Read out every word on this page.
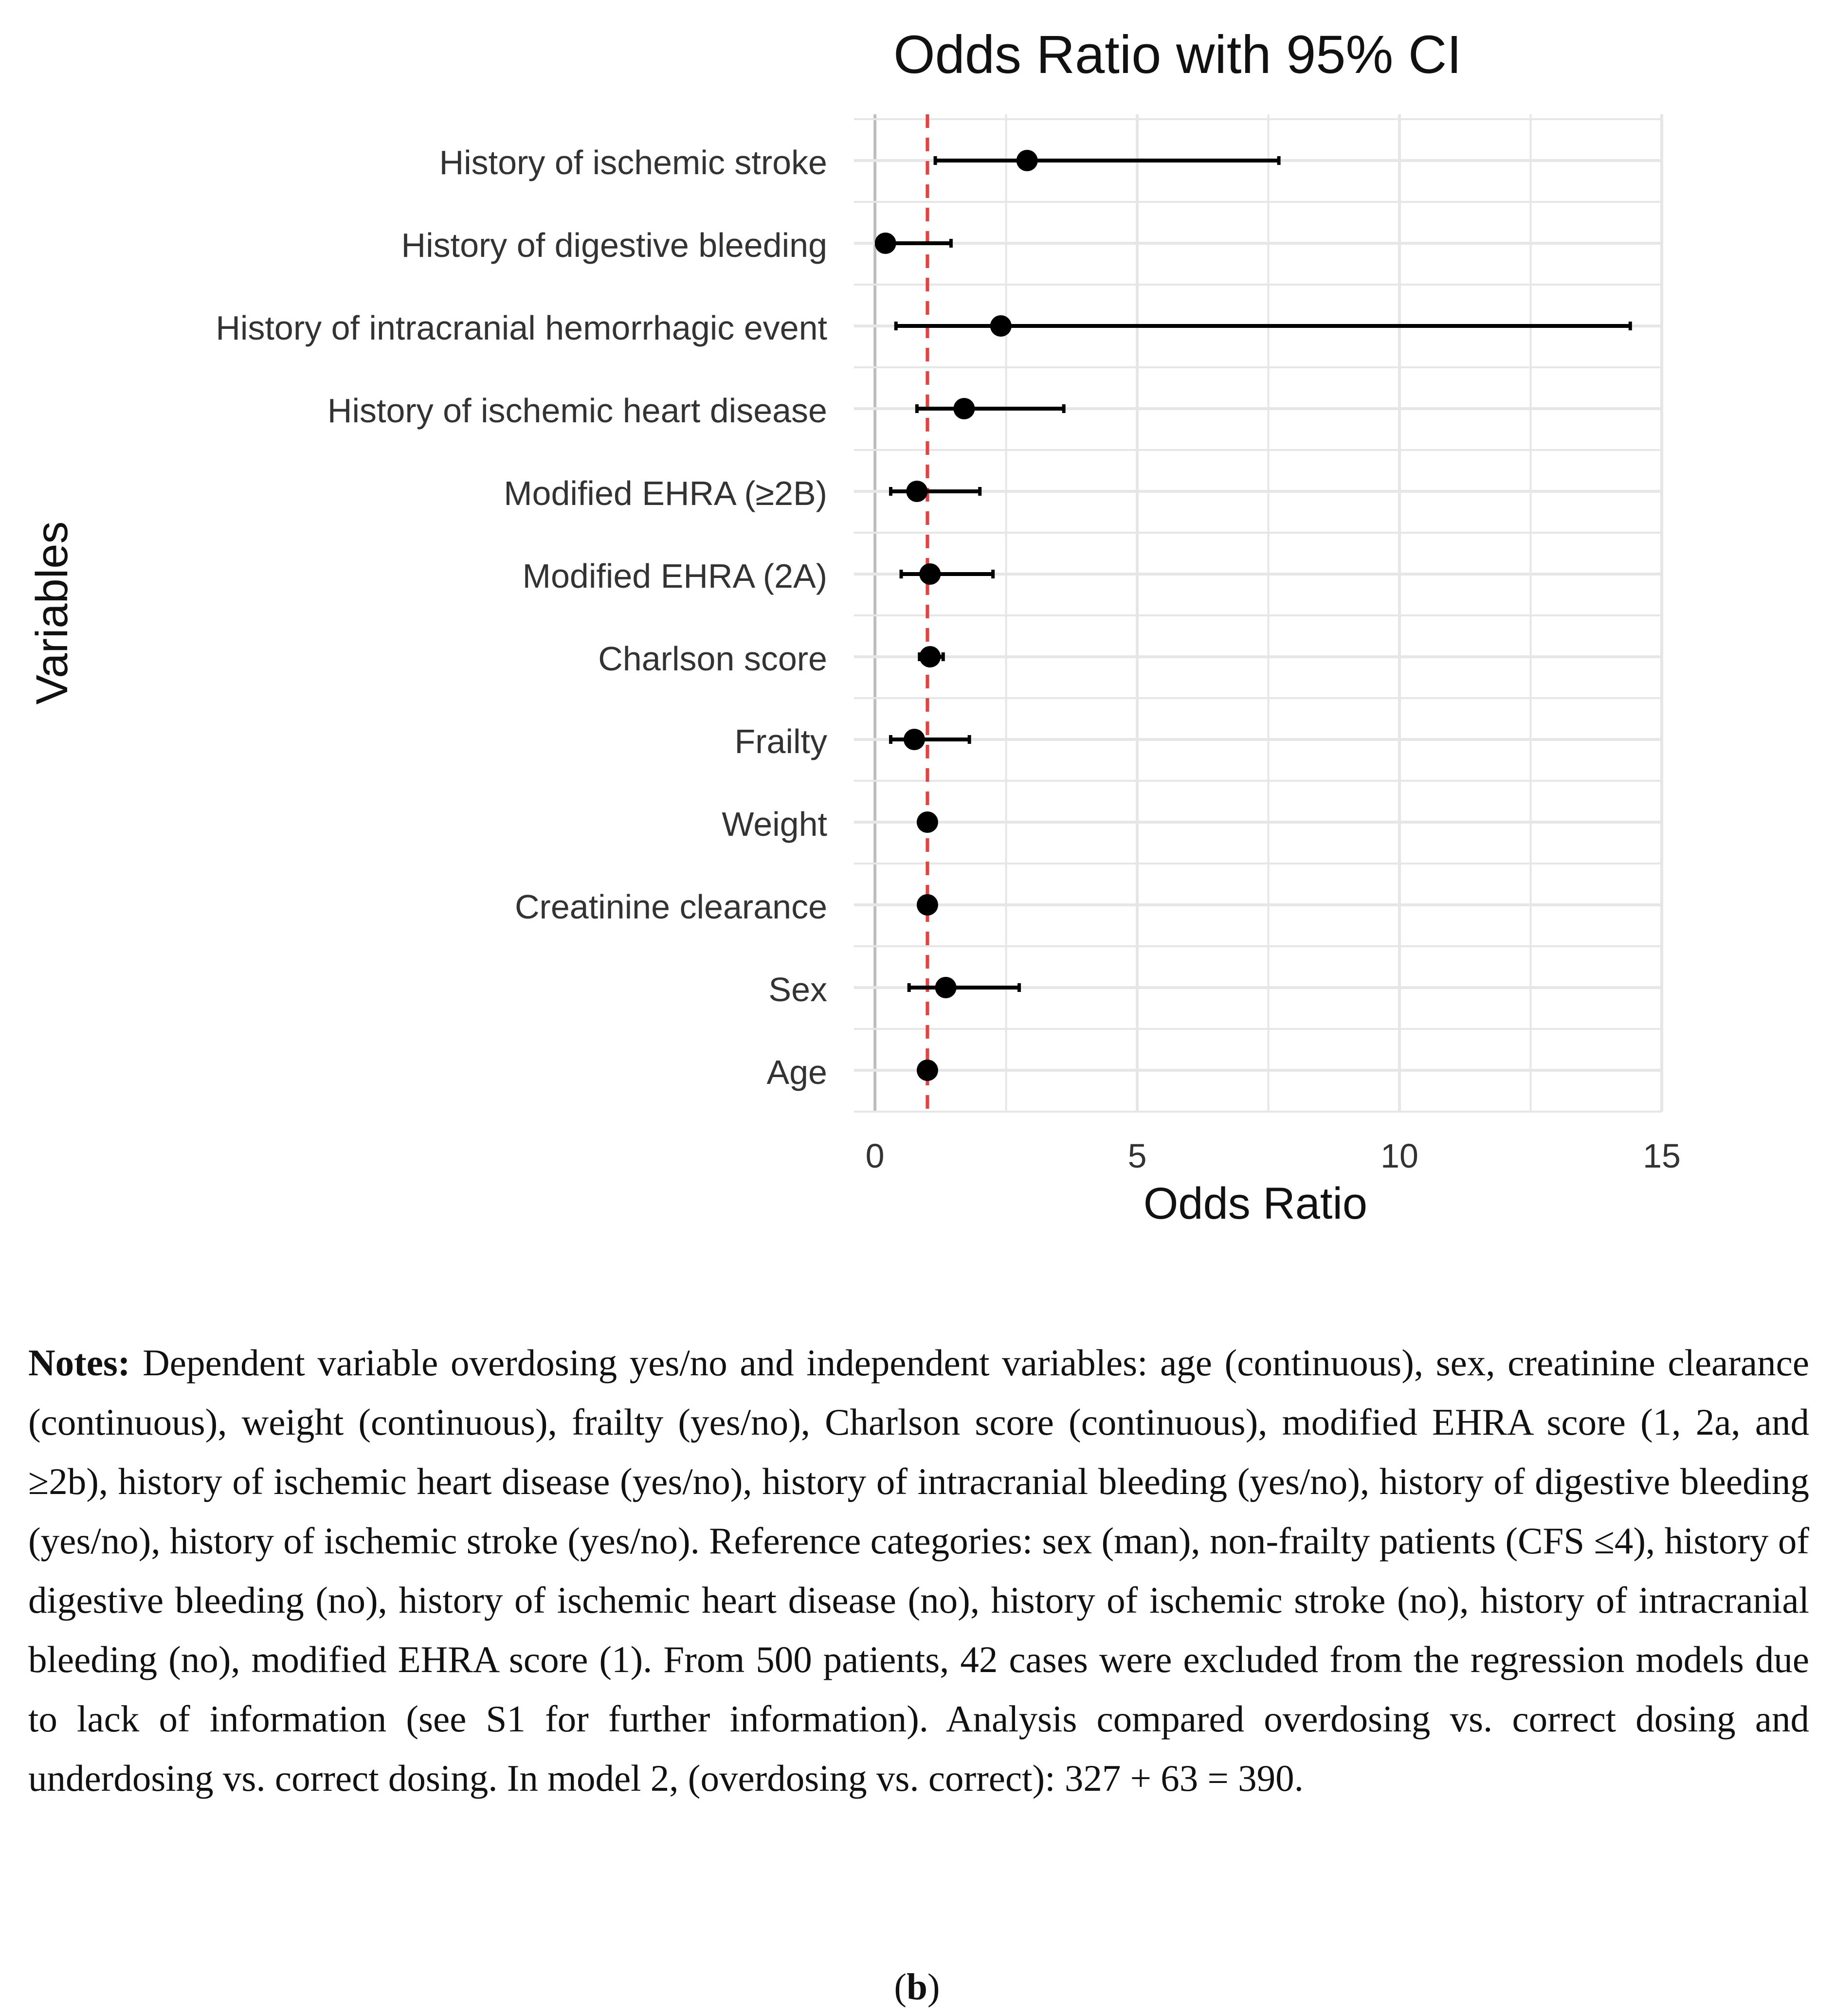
History of ischemic stroke
History of digestive bleeding
History of intracranial hemorrhagic event
History of ischemic heart disease
Modified EHRA (≥2B)
Modified EHRA (2A)
Charlson score
Frailty
Weight
Creatinine clearance
Sex
Age
0	5	10	15
Odds Ratio with 95% CI
Odds Ratio
Variables
Notes: Dependent variable overdosing yes/no and independent variables: age (continuous), sex, creatinine clearance (continuous), weight (continuous), frailty (yes/no), Charlson score (continuous), modified EHRA score (1, 2a, and ≥2b), history of ischemic heart disease (yes/no), history of intracranial bleeding (yes/no), history of digestive bleeding (yes/no), history of ischemic stroke (yes/no). Reference categories: sex (man), non-frailty patients (CFS ≤4), history of digestive bleeding (no), history of ischemic heart disease (no), history of ischemic stroke (no), history of intracranial bleeding (no), modified EHRA score (1). From 500 patients, 42 cases were excluded from the regression models due to lack of information (see S1 for further information). Analysis compared overdosing vs. correct dosing and underdosing vs. correct dosing. In model 2, (overdosing vs. correct): 327 + 63 = 390.
(b)
